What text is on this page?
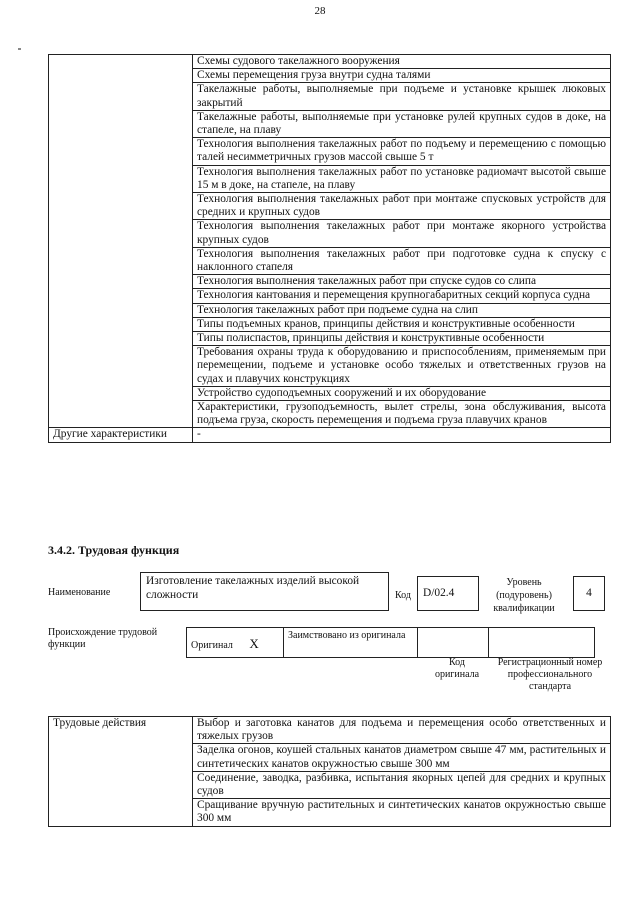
28
	Схемы судового такелажного вооружения
	Схемы перемещения груза внутри судна талями
	Такелажные работы, выполняемые при подъеме и установке крышек люковых закрытий
	Такелажные работы, выполняемые при установке рулей крупных судов в доке, на стапеле, на плаву
	Технология выполнения такелажных работ по подъему и перемещению с помощью талей несимметричных грузов массой свыше 5 т
	Технология выполнения такелажных работ по установке радиомачт высотой свыше 15 м в доке, на стапеле, на плаву
	Технология выполнения такелажных работ при монтаже спусковых устройств для средних и крупных судов
	Технология выполнения такелажных работ при монтаже якорного устройства крупных судов
	Технология выполнения такелажных работ при подготовке судна к спуску с наклонного стапеля
	Технология выполнения такелажных работ при спуске судов со слипа
	Технология кантования и перемещения крупногабаритных секций корпуса судна
	Технология такелажных работ при подъеме судна на слип
	Типы подъемных кранов, принципы действия и конструктивные особенности
	Типы полиспастов, принципы действия и конструктивные особенности
	Требования охраны труда к оборудованию и приспособлениям, применяемым при перемещении, подъеме и установке особо тяжелых и ответственных грузов на судах и плавучих конструкциях
	Устройство судоподъемных сооружений и их оборудование
	Характеристики, грузоподъемность, вылет стрелы, зона обслуживания, высота подъема груза, скорость перемещения и подъема груза плавучих кранов
Другие характеристики	-
3.4.2. Трудовая функция
Наименование
Изготовление такелажных изделий высокой сложности	Код	D/02.4
Уровень (подуровень) квалификации
4
Происхождение трудовой функции	Оригинал X	Заимствовано из оригинала		
Код оригинала
Регистрационный номер профессионального стандарта
Трудовые действия	Выбор и заготовка канатов для подъема и перемещения особо ответственных и тяжелых грузов
Заделка огонов, коушей стальных канатов диаметром свыше 47 мм, растительных и синтетических канатов окружностью свыше 300 мм
Соединение, заводка, разбивка, испытания якорных цепей для средних и крупных судов
Сращивание вручную растительных и синтетических канатов окружностью свыше 300 мм
